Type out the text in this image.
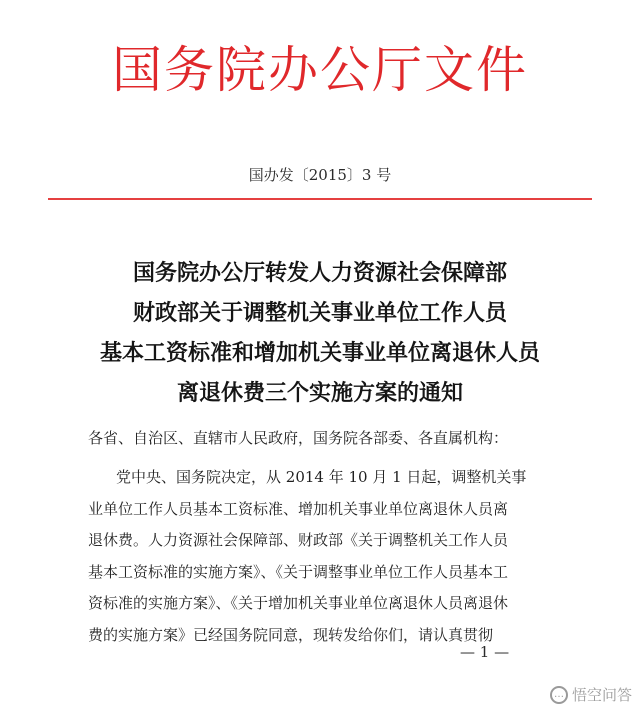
国务院办公厅文件
国办发〔2015〕3 号
国务院办公厅转发人力资源社会保障部
财政部关于调整机关事业单位工作人员
基本工资标准和增加机关事业单位离退休人员
离退休费三个实施方案的通知
各省、自治区、直辖市人民政府，国务院各部委、各直属机构：
党中央、国务院决定，从 2014 年 10 月 1 日起，调整机关事
业单位工作人员基本工资标准、增加机关事业单位离退休人员离
退休费。人力资源社会保障部、财政部《关于调整机关工作人员
基本工资标准的实施方案》、《关于调整事业单位工作人员基本工
资标准的实施方案》、《关于增加机关事业单位离退休人员离退休
费的实施方案》已经国务院同意，现转发给你们，请认真贯彻
— 1 —
… 悟空问答
